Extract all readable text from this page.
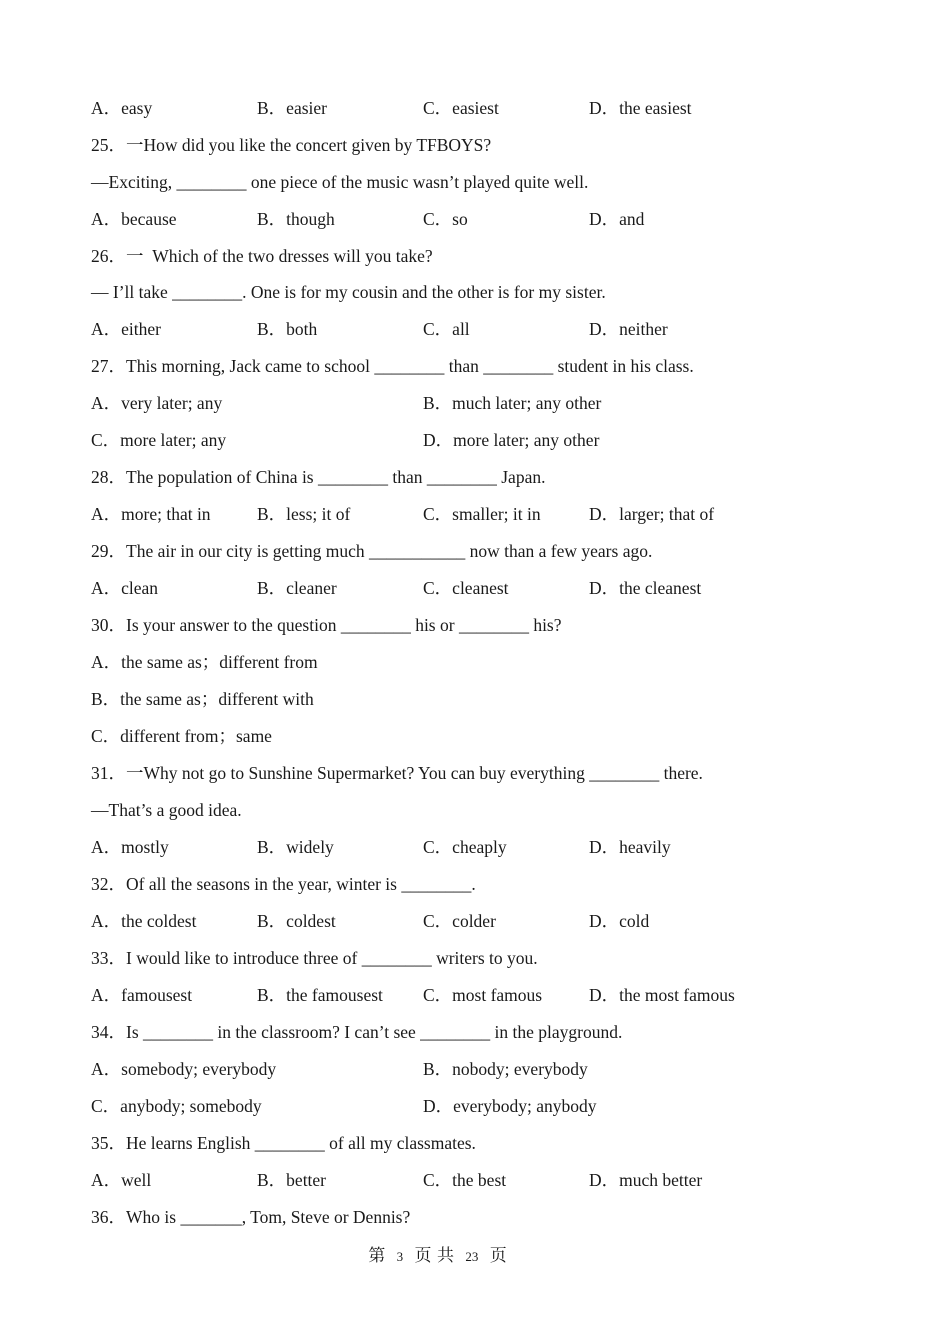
A．easy	B．easier	C．easiest	D．the easiest
25．一How did you like the concert given by TFBOYS?
—Exciting, ________ one piece of the music wasn’t played quite well.
A．because	B．though	C．so	D．and
26．一  Which of the two dresses will you take?
— I’ll take ________. One is for my cousin and the other is for my sister.
A．either	B．both	C．all	D．neither
27．This morning, Jack came to school ________ than ________ student in his class.
A．very later; any	B．much later; any other
C．more later; any	D．more later; any other
28．The population of China is ________ than ________ Japan.
A．more; that in	B．less; it of	C．smaller; it in	D．larger; that of
29．The air in our city is getting much ___________ now than a few years ago.
A．clean	B．cleaner	C．cleanest	D．the cleanest
30．Is your answer to the question ________ his or ________ his?
A．the same as；different from
B．the same as；different with
C．different from；same
31．一Why not go to Sunshine Supermarket? You can buy everything ________ there.
—That’s a good idea.
A．mostly	B．widely	C．cheaply	D．heavily
32．Of all the seasons in the year, winter is ________.
A．the coldest	B．coldest	C．colder	D．cold
33．I would like to introduce three of ________ writers to you.
A．famousest	B．the famousest C．most famous	D．the most famous
34．Is ________ in the classroom? I can’t see ________ in the playground.
A．somebody; everybody	B．nobody; everybody
C．anybody; somebody	D．everybody; anybody
35．He learns English ________ of all my classmates.
A．well	B．better	C．the best	D．much better
36．Who is _______, Tom, Steve or Dennis?
第 3 页 共 23 页
